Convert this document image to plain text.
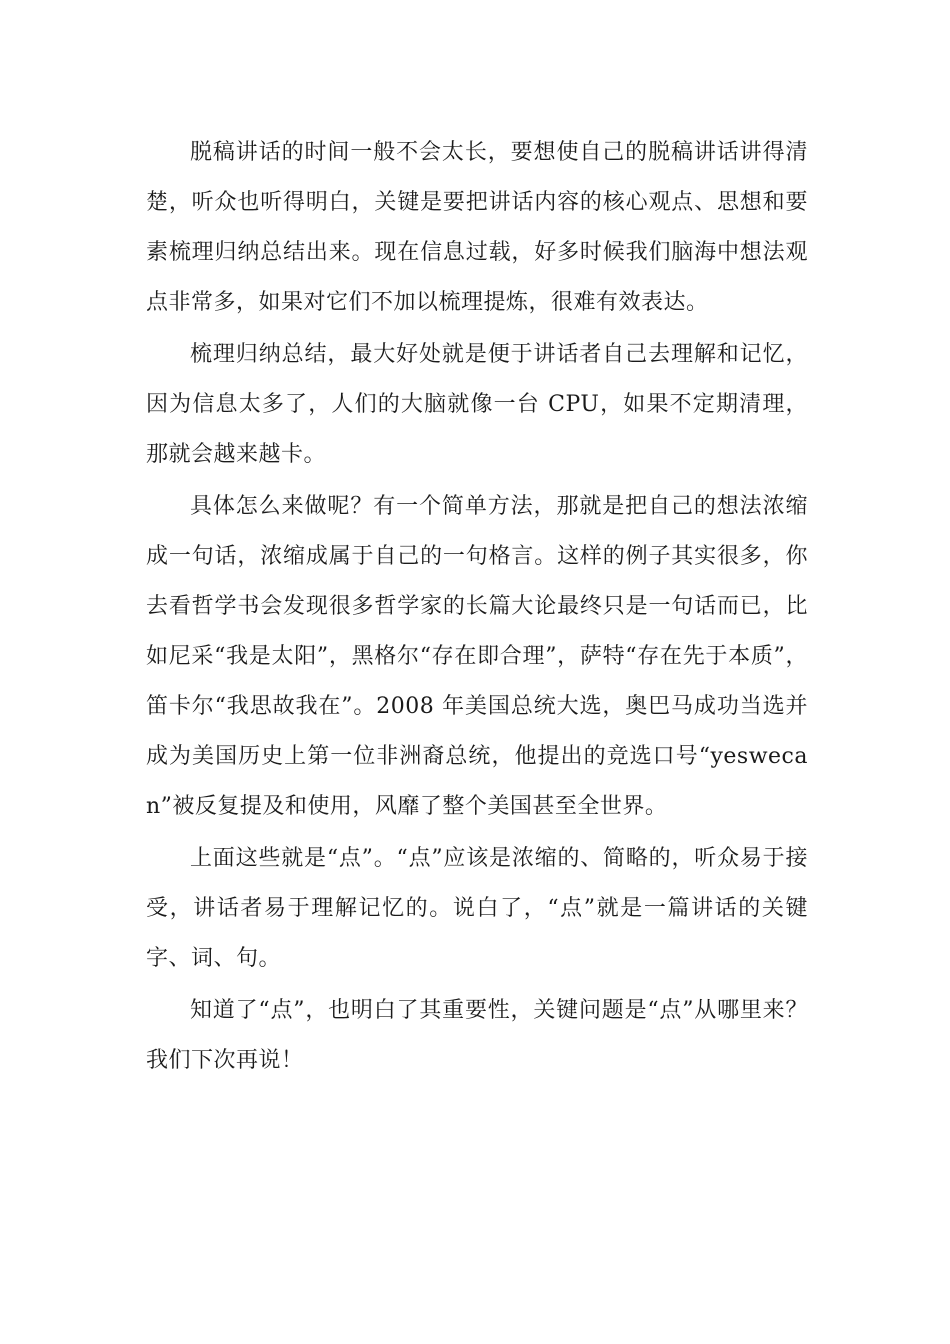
脱稿讲话的时间一般不会太长，要想使自己的脱稿讲话讲得清楚，听众也听得明白，关键是要把讲话内容的核心观点、思想和要素梳理归纳总结出来。现在信息过载，好多时候我们脑海中想法观点非常多，如果对它们不加以梳理提炼，很难有效表达。

梳理归纳总结，最大好处就是便于讲话者自己去理解和记忆，因为信息太多了，人们的大脑就像一台 CPU，如果不定期清理，那就会越来越卡。

具体怎么来做呢？有一个简单方法，那就是把自己的想法浓缩成一句话，浓缩成属于自己的一句格言。这样的例子其实很多，你去看哲学书会发现很多哲学家的长篇大论最终只是一句话而已，比如尼采“我是太阳”，黑格尔“存在即合理”，萨特“存在先于本质”，笛卡尔“我思故我在”。2008 年美国总统大选，奥巴马成功当选并成为美国历史上第一位非洲裔总统，他提出的竞选口号“yeswecan”被反复提及和使用，风靡了整个美国甚至全世界。

上面这些就是“点”。“点”应该是浓缩的、简略的，听众易于接受，讲话者易于理解记忆的。说白了，“点”就是一篇讲话的关键字、词、句。

知道了“点”，也明白了其重要性，关键问题是“点”从哪里来？我们下次再说！
